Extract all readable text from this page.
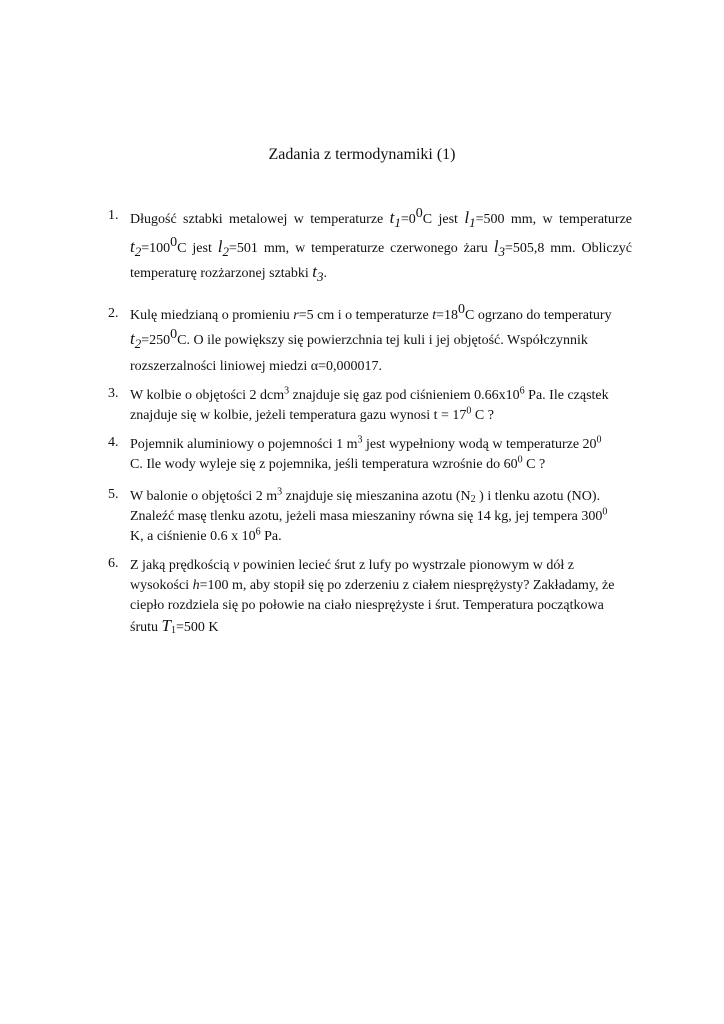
Zadania z termodynamiki (1)
1. Długość sztabki metalowej w temperaturze t1=00C jest l1=500 mm, w temperaturze
t2=1000C jest l2=501 mm, w temperaturze czerwonego żaru l3=505,8 mm. Obliczyć
temperaturę rozżarzonej sztabki t3.
2. Kulę miedzianą o promieniu r=5 cm i o temperaturze t=180C ogrzano do temperatury
t2=2500C. O ile powiększy się powierzchnia tej kuli i jej objętość. Współczynnik
rozszerzalności liniowej miedzi α=0,000017.
3. W kolbie o objętości 2 dcm$^3$ znajduje się gaz pod ciśnieniem $0.66x10^6$ Pa. Ile cząstek
znajduje się w kolbie, jeżeli temperatura gazu wynosi $t = 17^0$ C ?
4. Pojemnik aluminiowy o pojemności 1 $m^3$ jest wypełniony wodą w temperaturze $20^0$
C. Ile wody wyleje się z pojemnika, jeśli temperatura wzrośnie do $60^0$ C ?
5. W balonie o objętości 2 $m^3$ znajduje się mieszanina azotu (N2 ) i tlenku azotu (NO).
Znaleźć masę tlenku azotu, jeżeli masa mieszaniny równa się 14 kg, jej tempera $300^0$
K, a ciśnienie 0.6 x $10^6$ Pa.
6. Z jaką prędkością v powinien lecieć śrut z lufy po wystrzale pionowym w dół z
wysokości h=100 m, aby stopił się po zderzeniu z ciałem niesprężysty? Zakładamy, że
ciepło rozdziela się po połowie na ciało niesprężyste i śrut. Temperatura początkowa
śrutu T1=500 K
